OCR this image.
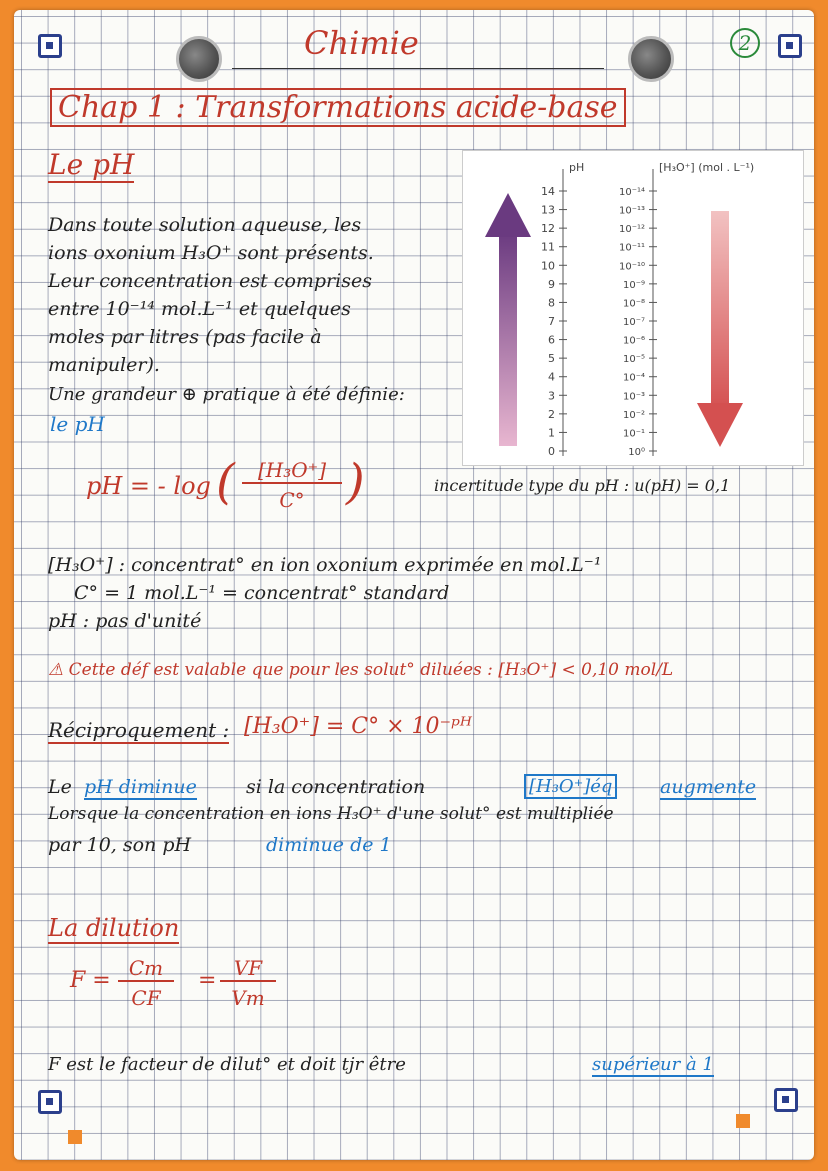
Chimie	2
Chap 1 : Transformations acide-base
Le pH
Dans toute solution aqueuse, les
ions oxonium H₃O⁺ sont présents.
Leur concentration est comprises
entre 10⁻¹⁴ mol.L⁻¹ et quelques
moles par litres (pas facile à
manipuler).
Une grandeur ⊕ pratique à été définie:
le pH
14
13
12
11
10
9
8
7
6
5
4
3
2
1
0
10⁻¹⁴
10⁻¹³
10⁻¹²
10⁻¹¹
10⁻¹⁰
10⁻⁹
10⁻⁸
10⁻⁷
10⁻⁶
10⁻⁵
10⁻⁴
10⁻³
10⁻²
10⁻¹
10⁰
pH	[H₃O⁺] (mol . L⁻¹)
pH = - log (	[H₃O⁺]
C° )	incertitude type du pH : u(pH) = 0,1
[H₃O⁺] : concentrat° en ion oxonium exprimée en mol.L⁻¹
C° = 1 mol.L⁻¹ = concentrat° standard
pH : pas d'unité
⚠ Cette déf est valable que pour les solut° diluées : [H₃O⁺] < 0,10 mol/L
Réciproquement : [H₃O⁺] = C° × 10⁻ᵖᴴ
Le pH diminue	si la concentration	[H₃O⁺]éq	augmente
Lorsque la concentration en ions H₃O⁺ d'une solut° est multipliée
par 10, son pH	diminue de 1
La dilution
F = Cm
CF
= VF
Vm
F est le facteur de dilut° et doit tjr être	supérieur à 1
